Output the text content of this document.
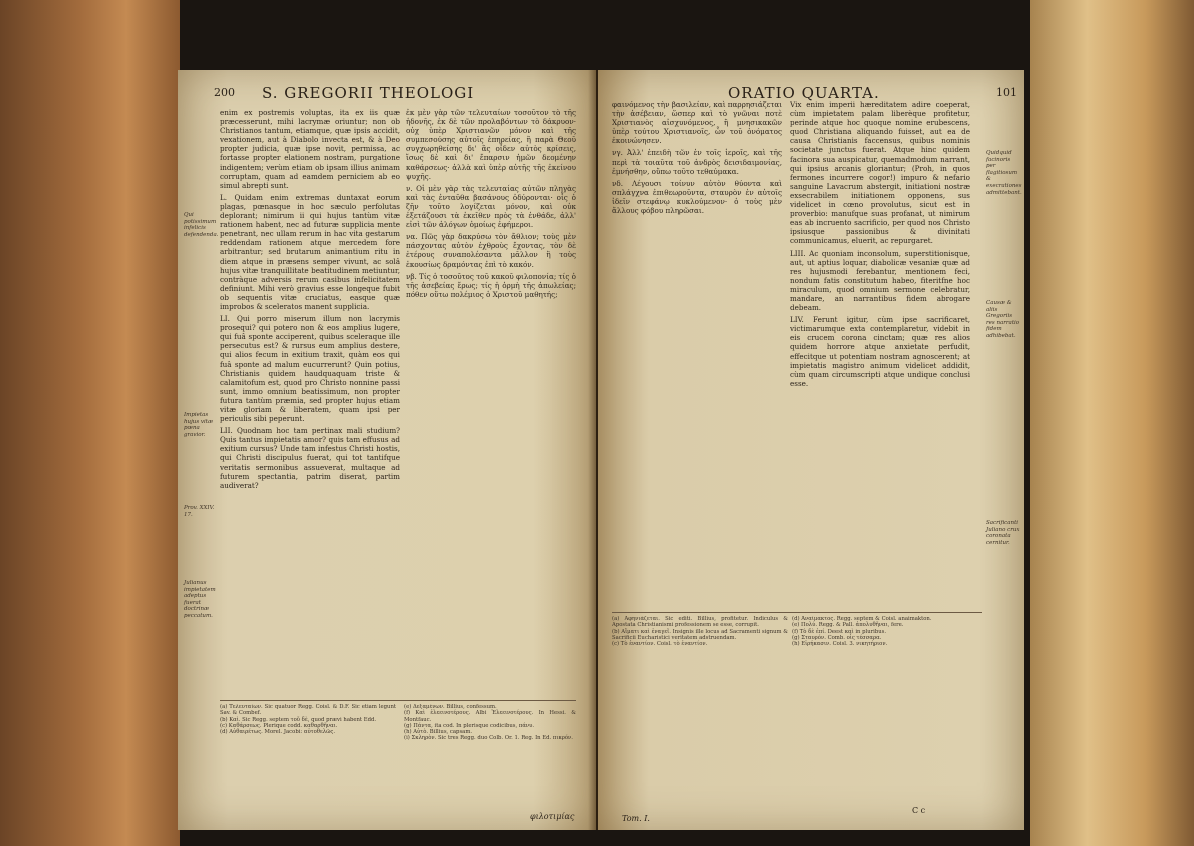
200 S. GREGORII THEOLOGI

enim ex postremis voluptas, ita ex iis quæ præcesserunt, mihi lacrymæ oriuntur; non ob Christianos tantum, etiamque, quæ ipsis accidit, vexationem, aut à Diabolo invecta est, & à Deo propter judicia, quæ ipse novit, permissa, ac fortasse propter elationem nostram, purgatione indigentem; verùm etiam ob ipsam illius animam corruptam, quam ad eamdem perniciem ab eo simul abrepti sunt.

L. Quidam enim extremas duntaxat eorum plagas, pœnasque in hoc sæculo perfolutas deplorant; nimirum ii qui hujus tantùm vitæ rationem habent, nec ad futuræ supplicia mente penetrant, nec ullam rerum in hac vita gestarum reddendam rationem atque mercedem fore arbitrantur; sed brutarum animantium ritu in diem atque in præsens semper vivunt, ac solâ hujus vitæ tranquillitate beatitudinem metiuntur, contràque adversis rerum casibus infelicitatem definiunt. Mihi verò gravius esse longeque fubit ob sequentis vitæ cruciatus, easque quæ improbos & sceleratos manent supplicia.

LI. Qui porro miserum illum non lacrymis prosequi? qui potero non & eos amplius lugere, qui fuâ sponte acciperent, quibus sceleraque ille persecutus est? & rursus eum amplius destere, qui alios fecum in exitium traxit, quàm eos qui fuâ sponte ad malum eucurrerunt? Quin potius, Christianis quidem haudquaquam triste & calamitofum est, quod pro Christo nonnine passi sunt, immo omnium beatissimum, non propter futura tantùm præmia, sed propter hujus etiam vitæ gloriam & liberatem, quam ipsi per periculis sibi peperunt.

LII. Quodnam hoc tam pertinax mali studium? Quis tantus impietatis amor? quis tam effusus ad exitium cursus? Unde tam infestus Christi hostis, qui Christi discipulus fuerat, qui tot tantifque veritatis sermonibus assueverat, multaque ad futurem spectantia, patrim diserat, partim audiverat?

ἐκ μὲν γὰρ τῶν τελευταίων τοσοῦτον τὸ τῆς ἡδονῆς, ἐκ δὲ τῶν προλαβόντων τὸ δάκρυον· οὐχ ὑπὲρ Χριστιανῶν μόνον καὶ τῆς συμπεσούσης αὐτοῖς ἐπηρείας, ἢ παρὰ Θεοῦ συγχωρηθείσης δι' ἃς οἶδεν αὐτὸς κρίσεις, ἴσως δὲ καὶ δι' ἔπαρσιν ἡμῶν δεομένην καθάρσεως· ἀλλὰ καὶ ὑπὲρ αὐτῆς τῆς ἐκείνου ψυχῆς.

ν. Οἱ μὲν γὰρ τὰς τελευταίας αὐτῶν πληγὰς καὶ τὰς ἐνταῦθα βασάνους ὀδύρονται· οἷς ὁ ζῆν τοῦτο λογίζεται μόνον, καὶ οὐκ ἐξετάζουσι τὰ ἐκεῖθεν πρὸς τὰ ἐνθάδε, ἀλλ' εἰσὶ τῶν ἀλόγων ὁμοίως ἐφήμεροι.

να. Πῶς γὰρ δακρύσω τὸν ἄθλιον; τοὺς μὲν πάσχοντας αὐτὸν ἐχθροὺς ἔχοντας, τὸν δὲ ἑτέρους συναπολέσαντα μᾶλλον ἢ τοὺς ἑκουσίως δραμόντας ἐπὶ τὸ κακόν.

νβ. Τίς ὁ τοσοῦτος τοῦ κακοῦ φιλοπονία; τίς ὁ τῆς ἀσεβείας ἔρως; τίς ἡ ὁρμὴ τῆς ἀπωλείας; πόθεν οὕτω πολέμιος ὁ Χριστοῦ μαθητής;

Qui potissimum infelicis defendenda.
Impietas hujus vitæ pœna gravior.
Prov. XXIV. 17.
Julianus impietatem adeptus fuerat doctrinæ peccatum.
(a) Τελευταίων. Sic quatuor Regg. Coisl. & D.F. Sic etiam legunt Sav. & Combef.
(b) Καὶ. Sic Regg. septem τοῦ δὲ, quod prævi habent Edd.
(c) Καθάρσεως. Plerique codd. καθαρθῆναι.
(d) Αὐθαιρέτως. Morel. Jacobi: αὐτοθελῶς.
(e) Δεξαμένων. Billius, confessum.
(f) Καὶ ἐλεεινοτέρους. Albi Ἐλεεινοτέρους. In Hessi. & Montfauc.
(g) Πάντα, ita cod. In plerisque codicibus, πάνυ.
(h) Αὐτὸ. Billius, capsam.
(i) Σκληρὸν. Sic tres Regg. duo Colb. Or. 1. Reg. In Ed. πικρόν.
φιλοτιμίας
ORATIO QUARTA.	101

φαινόμενος τὴν βασιλείαν, καὶ παρρησιάζεται τὴν ἀσέβειαν, ὥσπερ καὶ τὸ γνῶναι ποτὲ Χριστιανὸς αἰσχυνόμενος, ἢ μνησικακῶν ὑπὲρ τούτου Χριστιανοῖς, ὧν τοῦ ὀνόματος ἐκοινώνησεν.

νγ. Ἀλλ' ἐπειδὴ τῶν ἐν τοῖς ἱεροῖς, καὶ τῆς περὶ τὰ τοιαῦτα τοῦ ἀνδρὸς δεισιδαιμονίας, ἐμνήσθην, οὔπω τοῦτο τεθαύμακα.

νδ. Λέγουσι τοίνυν αὐτὸν θύοντα καὶ σπλάγχνα ἐπιθεωροῦντα, σταυρὸν ἐν αὐτοῖς ἰδεῖν στεφάνῳ κυκλούμενον· ὁ τοὺς μὲν ἄλλους φόβου πληρῶσαι.

Vix enim imperii hæreditatem adire coeperat, cùm impietatem palam liberèque profitetur, perinde atque hoc quoque nomine erubescens, quod Christiana aliquando fuisset, aut ea de causa Christianis faccensus, quibus nominis societate junctus fuerat. Atque hinc quidem facinora sua auspicatur, quemadmodum narrant, qui ipsius arcanis gloriantur; (Proh, in quos fermones incurrere cogor!) impuro & nefario sanguine Lavacrum abstergit, initiationi nostræ exsecrabilem initiationem opponens, sus videlicet in cœno provolutus, sicut est in proverbio: manufque suas profanat, ut nimirum eas ab incruento sacrificio, per quod nos Christo ipsiusque passionibus & divinitati communicamus, eluerit, ac repurgaret.

LIII. Ac quoniam inconsolum, superstitionisque, aut, ut aptius loquar, diabolicæ vesaniæ quæ ad res hujusmodi ferebantur, mentionem feci, nondum fatis constitutum habeo, fiteritfne hoc miraculum, quod omnium sermone celebratur, mandare, an narrantibus fidem abrogare debeam.

LIV. Ferunt igitur, cùm ipse sacrificaret, victimarumque exta contemplaretur, videbit in eis crucem corona cinctam; quæ res alios quidem horrore atque anxietate perfudit, effecitque ut potentiam nostram agnoscerent; at impietatis magistro animum videlicet addidit, cùm quam circumscripti atque undique conclusi esse.

Quidquid facinoris per flagitiosum & execrationes admittebant.
Causæ & aliis Gregoriis res narratio fidem adhibebat.
Sacrificanti Juliano crux coronata cernitur.
(a) Ἀφηνιάζεται. Sic editi. Billius, profitetur. Indiculus & Apostata Christianismi professionem se esse, corrupit.
(b) Αἵματι καὶ ἐναγεῖ. Insignis ille locus ad Sacramenti signum & Sacrificii Eucharistici veritatem adstruendam.
(c) Τὸ ἐναντίον. Coisl. τὸ ἐναντίον.
(d) Ἀναίμακτος. Regg. septem & Coisl. anaimakton.
(e) Πολύ. Regg. & Pall. ἀπολυθῆναι, fere.
(f) Τὸ δὲ ἐπί. Deest καὶ in pluribus.
(g) Σταυρόν. Comb. οἷς τέσσαρα.
(h) Εἰρήκασιν. Coisl. 3. νικητήριον.
Tom. I.
C c
